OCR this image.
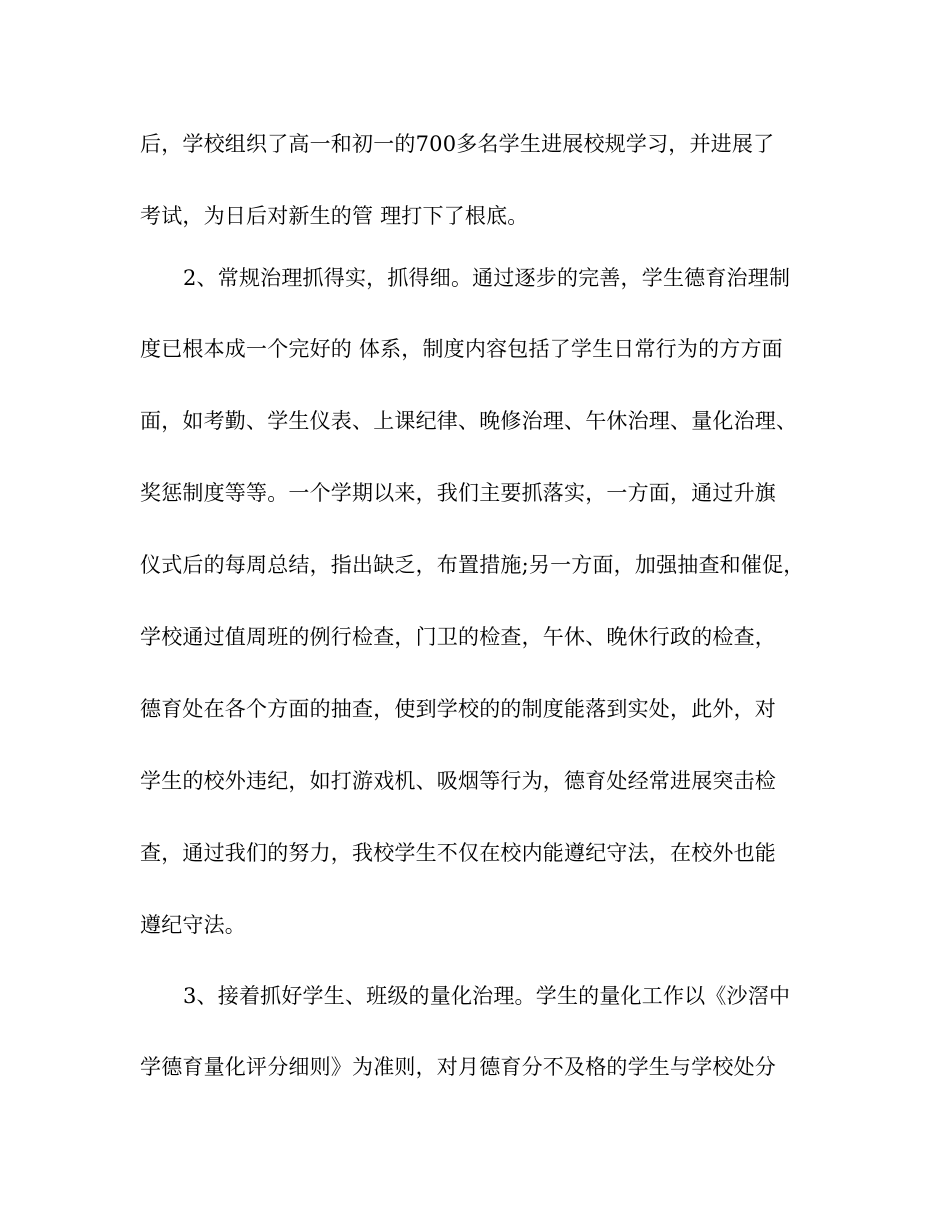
后，学校组织了高一和初一的700多名学生进展校规学习，并进展了
考试，为日后对新生的管 理打下了根底。
2、常规治理抓得实，抓得细。通过逐步的完善，学生德育治理制
度已根本成一个完好的 体系，制度内容包括了学生日常行为的方方面
面，如考勤、学生仪表、上课纪律、晚修治理、午休治理、量化治理、
奖惩制度等等。一个学期以来，我们主要抓落实，一方面，通过升旗
仪式后的每周总结，指出缺乏，布置措施;另一方面，加强抽查和催促，
学校通过值周班的例行检查，门卫的检查，午休、晚休行政的检查，
德育处在各个方面的抽查，使到学校的的制度能落到实处，此外，对
学生的校外违纪，如打游戏机、吸烟等行为，德育处经常进展突击检
查，通过我们的努力，我校学生不仅在校内能遵纪守法，在校外也能
遵纪守法。
3、接着抓好学生、班级的量化治理。学生的量化工作以《沙滘中
学德育量化评分细则》为准则，对月德育分不及格的学生与学校处分
